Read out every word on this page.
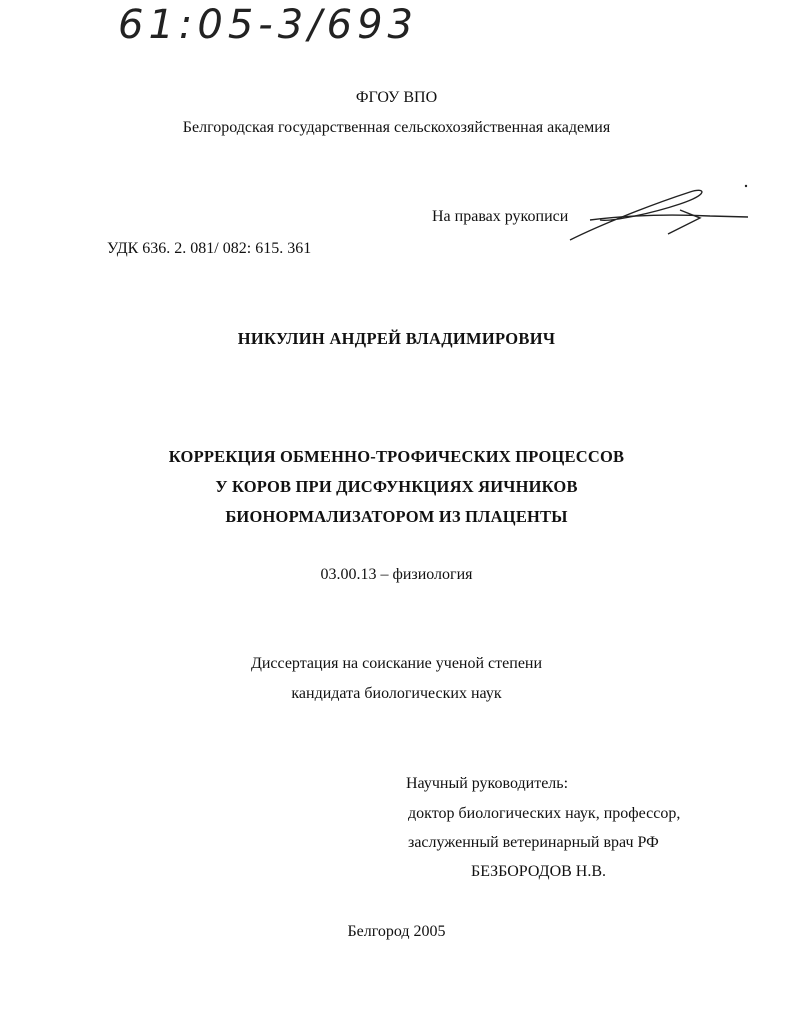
61:05-3/693
ФГОУ ВПО
Белгородская государственная сельскохозяйственная академия
На правах рукописи
УДК 636. 2. 081/ 082: 615. 361
НИКУЛИН АНДРЕЙ ВЛАДИМИРОВИЧ
КОРРЕКЦИЯ ОБМЕННО-ТРОФИЧЕСКИХ ПРОЦЕССОВ
У КОРОВ ПРИ ДИСФУНКЦИЯХ ЯИЧНИКОВ
БИОНОРМАЛИЗАТОРОМ ИЗ ПЛАЦЕНТЫ
03.00.13 – физиология
Диссертация на соискание ученой степени
кандидата биологических наук
Научный руководитель:
доктор биологических наук, профессор,
заслуженный ветеринарный врач РФ
БЕЗБОРОДОВ Н.В.
Белгород 2005
